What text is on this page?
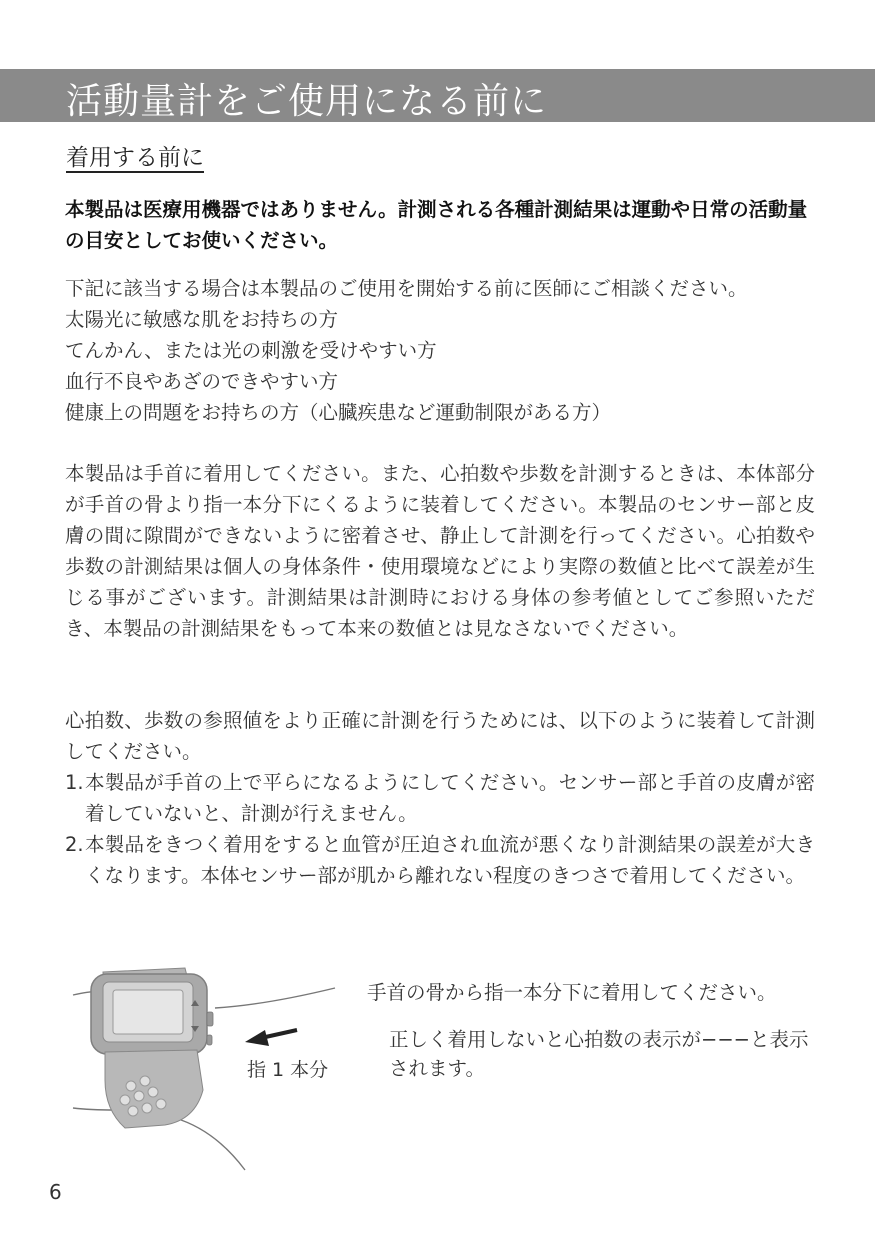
活動量計をご使用になる前に
着用する前に

本製品は医療用機器ではありません。計測される各種計測結果は運動や日常の活動量の目安としてお使いください。

下記に該当する場合は本製品のご使用を開始する前に医師にご相談ください。
太陽光に敏感な肌をお持ちの方
てんかん、または光の刺激を受けやすい方
血行不良やあざのできやすい方
健康上の問題をお持ちの方（心臓疾患など運動制限がある方）

本製品は手首に着用してください。また、心拍数や歩数を計測するときは、本体部分が手首の骨より指一本分下にくるように装着してください。本製品のセンサー部と皮膚の間に隙間ができないように密着させ、静止して計測を行ってください。心拍数や歩数の計測結果は個人の身体条件・使用環境などにより実際の数値と比べて誤差が生じる事がございます。計測結果は計測時における身体の参考値としてご参照いただき、本製品の計測結果をもって本来の数値とは見なさないでください。

心拍数、歩数の参照値をより正確に計測を行うためには、以下のように装着して計測してください。
1. 本製品が手首の上で平らになるようにしてください。センサー部と手首の皮膚が密着していないと、計測が行えません。
2. 本製品をきつく着用をすると血管が圧迫され血流が悪くなり計測結果の誤差が大きくなります。本体センサー部が肌から離れない程度のきつさで着用してください。
指 1 本分

手首の骨から指一本分下に着用してください。

正しく着用しないと心拍数の表示が−−−と表示されます。

6
